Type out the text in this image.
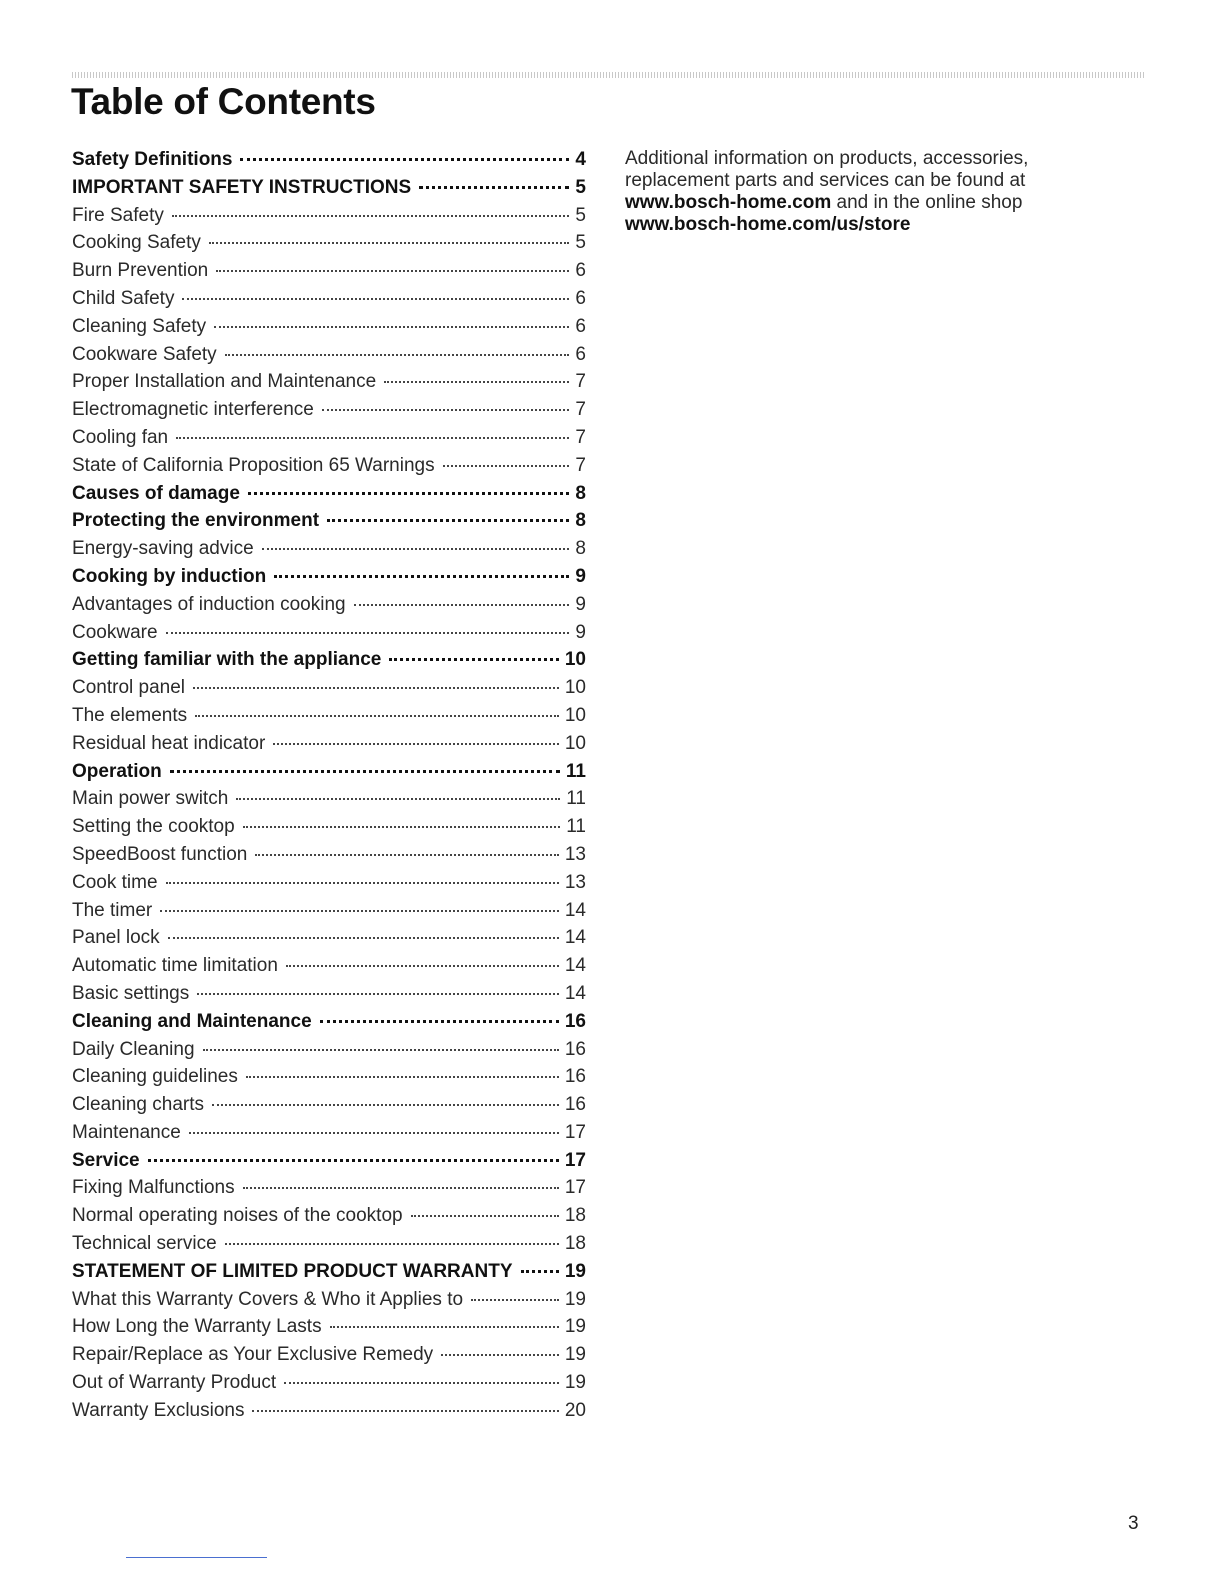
Table of Contents
Safety Definitions	4
IMPORTANT SAFETY INSTRUCTIONS	5
Fire Safety	5
Cooking Safety	5
Burn Prevention	6
Child Safety	6
Cleaning Safety	6
Cookware Safety	6
Proper Installation and Maintenance	7
Electromagnetic interference	7
Cooling fan	7
State of California Proposition 65 Warnings	7
Causes of damage	8
Protecting the environment	8
Energy-saving advice	8
Cooking by induction	9
Advantages of induction cooking	9
Cookware	9
Getting familiar with the appliance	10
Control panel	10
The elements	10
Residual heat indicator	10
Operation	11
Main power switch	11
Setting the cooktop	11
SpeedBoost function	13
Cook time	13
The timer	14
Panel lock	14
Automatic time limitation	14
Basic settings	14
Cleaning and Maintenance	16
Daily Cleaning	16
Cleaning guidelines	16
Cleaning charts	16
Maintenance	17
Service	17
Fixing Malfunctions	17
Normal operating noises of the cooktop	18
Technical service	18
STATEMENT OF LIMITED PRODUCT WARRANTY	19
What this Warranty Covers & Who it Applies to	19
How Long the Warranty Lasts	19
Repair/Replace as Your Exclusive Remedy	19
Out of Warranty Product	19
Warranty Exclusions	20

Additional information on products, accessories, replacement parts and services can be found at www.bosch-home.com and in the online shop www.bosch-home.com/us/store

3
